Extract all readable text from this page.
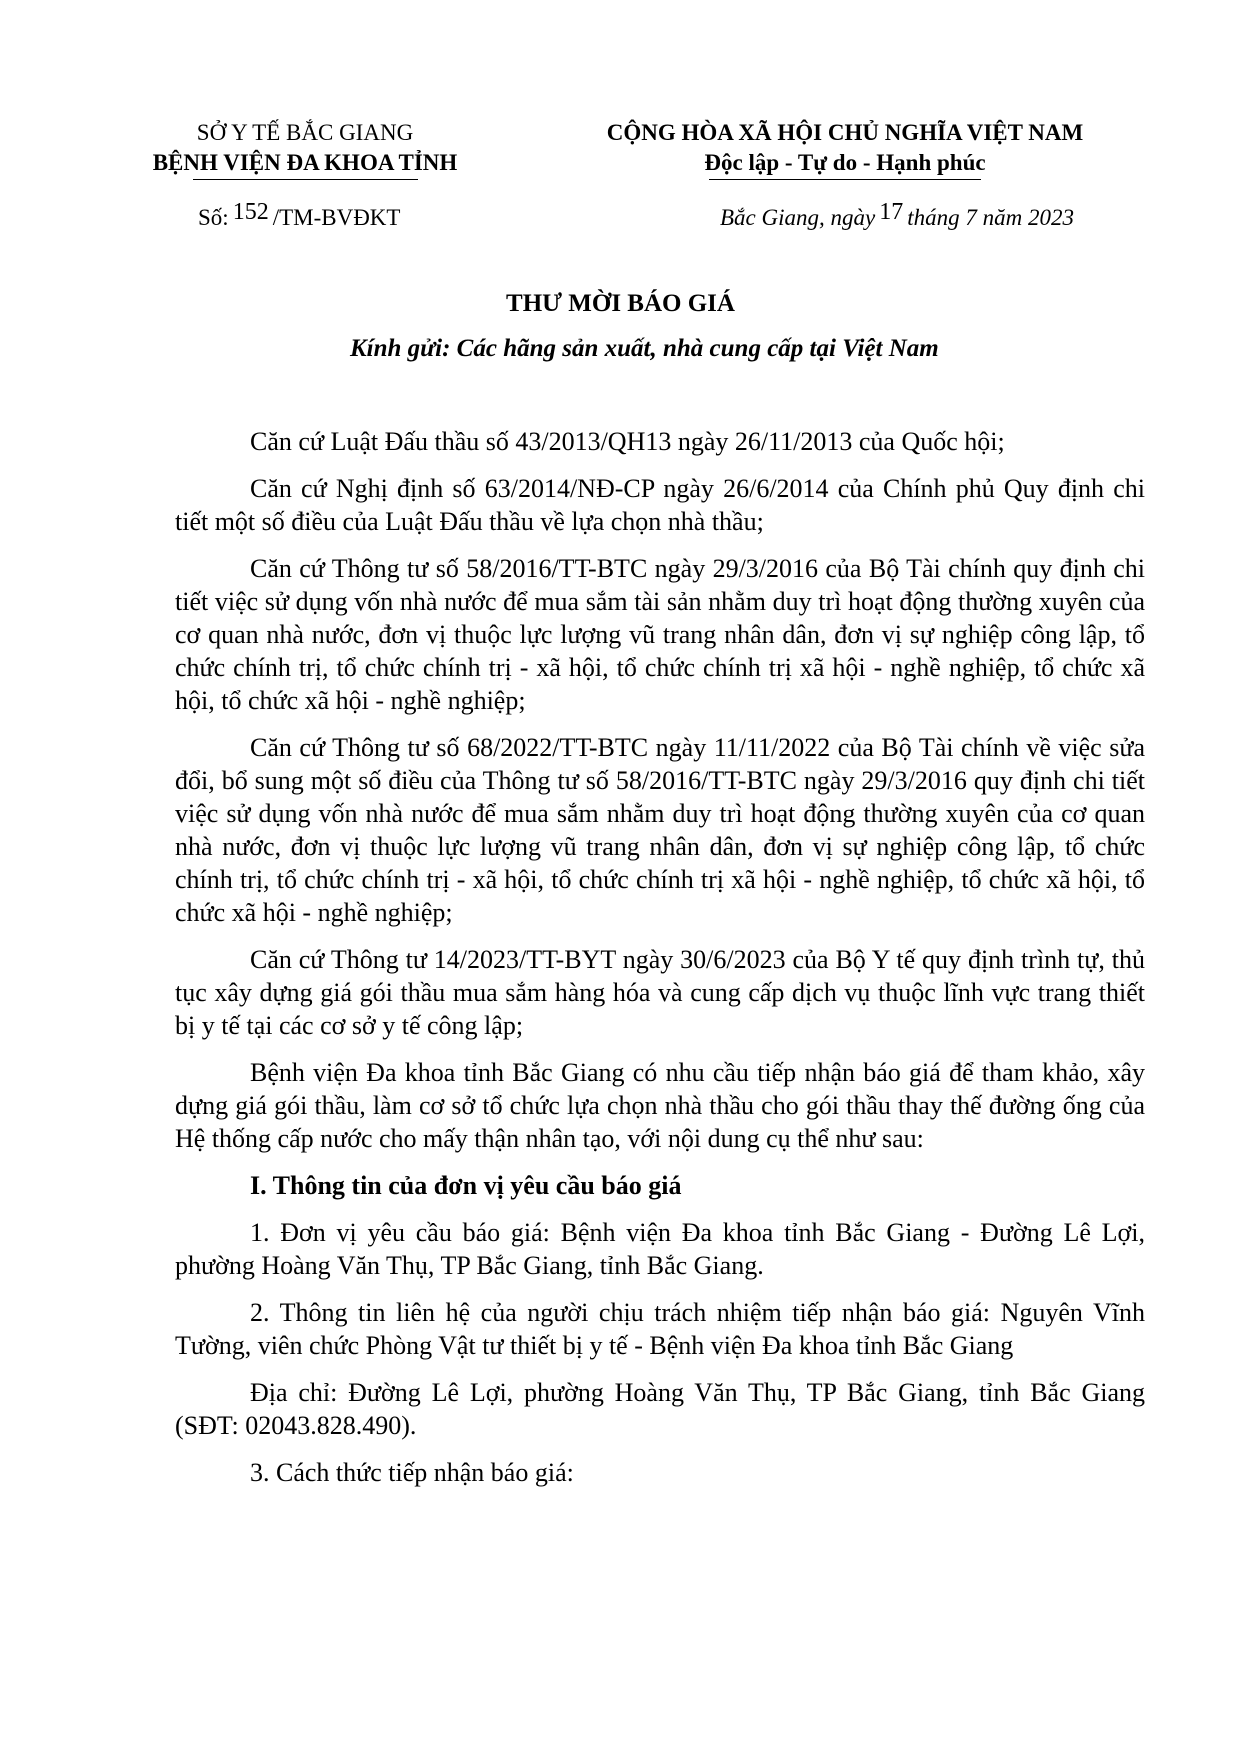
SỞ Y TẾ BẮC GIANG
BỆNH VIỆN ĐA KHOA TỈNH
CỘNG HÒA XÃ HỘI CHỦ NGHĨA VIỆT NAM
Độc lập - Tự do - Hạnh phúc
Số: 152 /TM-BVĐKT	Bắc Giang, ngày 17 tháng 7 năm 2023
THƯ MỜI BÁO GIÁ
Kính gửi: Các hãng sản xuất, nhà cung cấp tại Việt Nam

Căn cứ Luật Đấu thầu số 43/2013/QH13 ngày 26/11/2013 của Quốc hội;

Căn cứ Nghị định số 63/2014/NĐ-CP ngày 26/6/2014 của Chính phủ Quy định chi tiết một số điều của Luật Đấu thầu về lựa chọn nhà thầu;

Căn cứ Thông tư số 58/2016/TT-BTC ngày 29/3/2016 của Bộ Tài chính quy định chi tiết việc sử dụng vốn nhà nước để mua sắm tài sản nhằm duy trì hoạt động thường xuyên của cơ quan nhà nước, đơn vị thuộc lực lượng vũ trang nhân dân, đơn vị sự nghiệp công lập, tổ chức chính trị, tổ chức chính trị - xã hội, tổ chức chính trị xã hội - nghề nghiệp, tổ chức xã hội, tổ chức xã hội - nghề nghiệp;

Căn cứ Thông tư số 68/2022/TT-BTC ngày 11/11/2022 của Bộ Tài chính về việc sửa đổi, bổ sung một số điều của Thông tư số 58/2016/TT-BTC ngày 29/3/2016 quy định chi tiết việc sử dụng vốn nhà nước để mua sắm nhằm duy trì hoạt động thường xuyên của cơ quan nhà nước, đơn vị thuộc lực lượng vũ trang nhân dân, đơn vị sự nghiệp công lập, tổ chức chính trị, tổ chức chính trị - xã hội, tổ chức chính trị xã hội - nghề nghiệp, tổ chức xã hội, tổ chức xã hội - nghề nghiệp;

Căn cứ Thông tư 14/2023/TT-BYT ngày 30/6/2023 của Bộ Y tế quy định trình tự, thủ tục xây dựng giá gói thầu mua sắm hàng hóa và cung cấp dịch vụ thuộc lĩnh vực trang thiết bị y tế tại các cơ sở y tế công lập;

Bệnh viện Đa khoa tỉnh Bắc Giang có nhu cầu tiếp nhận báo giá để tham khảo, xây dựng giá gói thầu, làm cơ sở tổ chức lựa chọn nhà thầu cho gói thầu thay thế đường ống của Hệ thống cấp nước cho mấy thận nhân tạo, với nội dung cụ thể như sau:

I. Thông tin của đơn vị yêu cầu báo giá

1. Đơn vị yêu cầu báo giá: Bệnh viện Đa khoa tỉnh Bắc Giang - Đường Lê Lợi, phường Hoàng Văn Thụ, TP Bắc Giang, tỉnh Bắc Giang.

2. Thông tin liên hệ của người chịu trách nhiệm tiếp nhận báo giá: Nguyên Vĩnh Tường, viên chức Phòng Vật tư thiết bị y tế - Bệnh viện Đa khoa tỉnh Bắc Giang

Địa chỉ: Đường Lê Lợi, phường Hoàng Văn Thụ, TP Bắc Giang, tỉnh Bắc Giang (SĐT: 02043.828.490).

3. Cách thức tiếp nhận báo giá:
